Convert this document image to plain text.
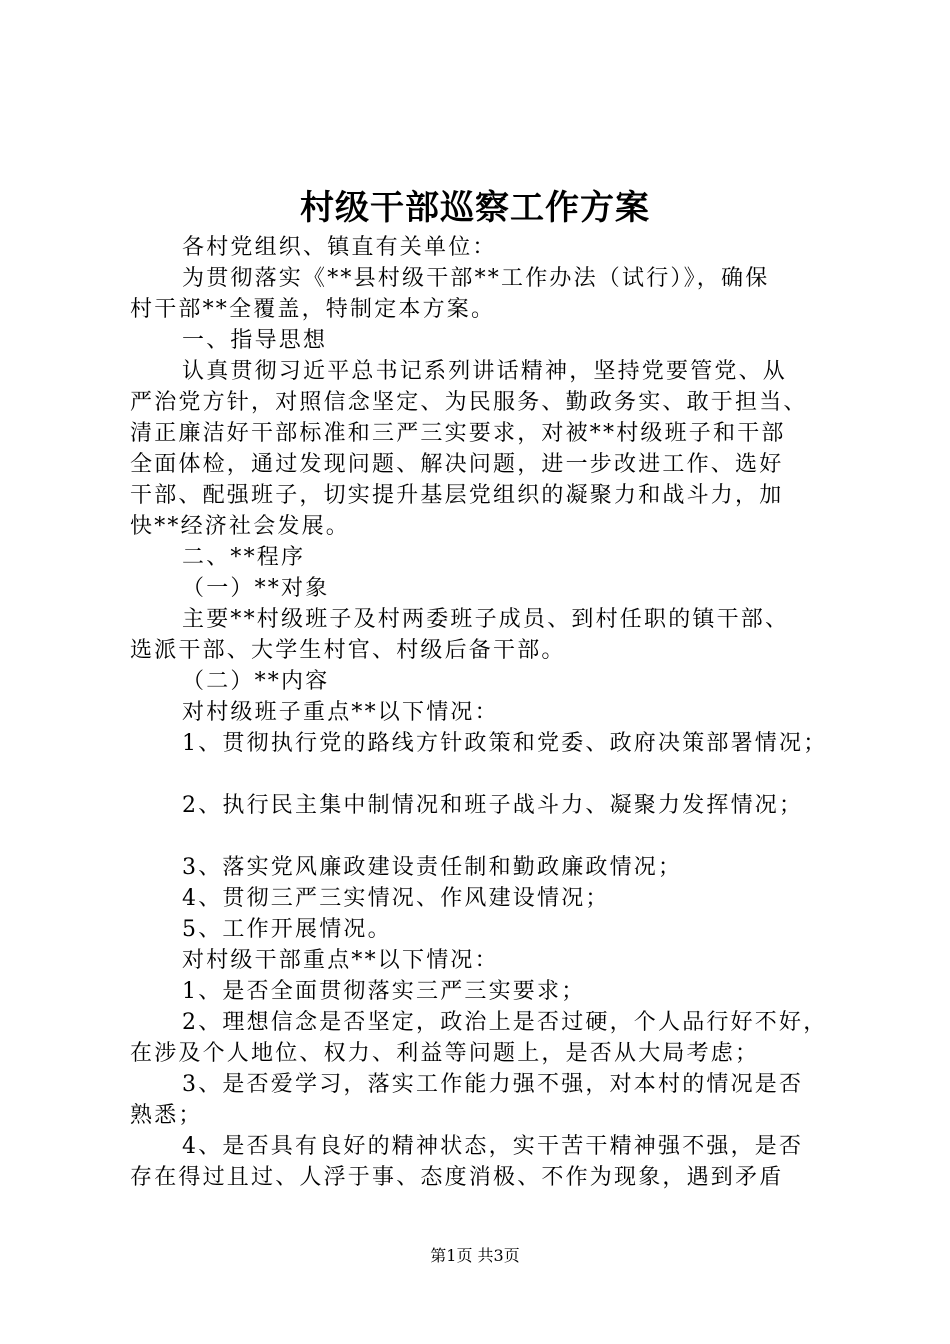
村级干部巡察工作方案

各村党组织、镇直有关单位：

为贯彻落实《**县村级干部**工作办法（试行）》，确保

村干部**全覆盖，特制定本方案。

一、指导思想

认真贯彻习近平总书记系列讲话精神，坚持党要管党、从

严治党方针，对照信念坚定、为民服务、勤政务实、敢于担当、

清正廉洁好干部标准和三严三实要求，对被**村级班子和干部

全面体检，通过发现问题、解决问题，进一步改进工作、选好

干部、配强班子，切实提升基层党组织的凝聚力和战斗力，加

快**经济社会发展。

二、**程序

（一）**对象

主要**村级班子及村两委班子成员、到村任职的镇干部、

选派干部、大学生村官、村级后备干部。

（二）**内容

对村级班子重点**以下情况：

1、贯彻执行党的路线方针政策和党委、政府决策部署情况；

2、执行民主集中制情况和班子战斗力、凝聚力发挥情况；

3、落实党风廉政建设责任制和勤政廉政情况；

4、贯彻三严三实情况、作风建设情况；

5、工作开展情况。

对村级干部重点**以下情况：

1、是否全面贯彻落实三严三实要求；

2、理想信念是否坚定，政治上是否过硬，个人品行好不好，

在涉及个人地位、权力、利益等问题上，是否从大局考虑；

3、是否爱学习，落实工作能力强不强，对本村的情况是否

熟悉；

4、是否具有良好的精神状态，实干苦干精神强不强，是否

存在得过且过、人浮于事、态度消极、不作为现象，遇到矛盾

第1页 共3页
